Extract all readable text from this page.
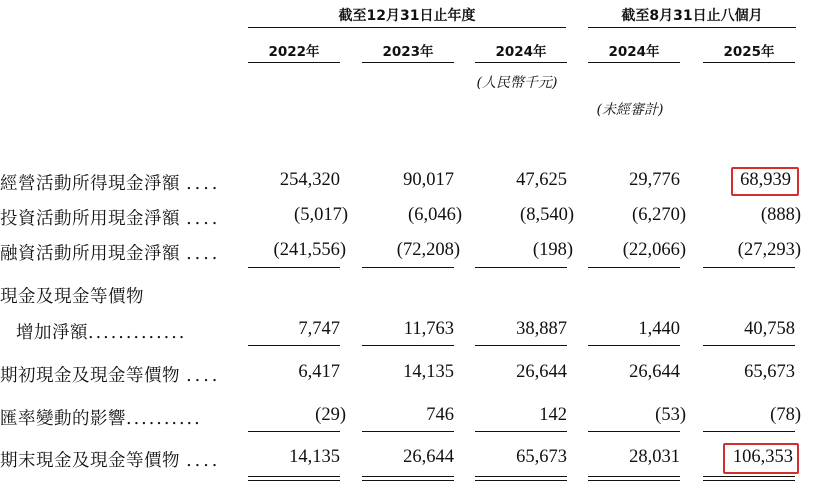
截至12月31日止年度	截至8月31日止八個月
2022年	2023年	2024年	2024年	2025年
(人民幣千元)
(未經審計)
經營活動所得現金淨額 ....	254,320	90,017	47,625	29,776	68,939
投資活動所用現金淨額 ....	(5,017)	(6,046)	(8,540)	(6,270)	(888)
融資活動所用現金淨額 ....	(241,556)	(72,208)	(198)	(22,066)	(27,293)
現金及現金等價物
增加淨額.............	7,747	11,763	38,887	1,440	40,758
期初現金及現金等價物 ....	6,417	14,135	26,644	26,644	65,673
匯率變動的影響..........	(29)	746	142	(53)	(78)
期末現金及現金等價物 ....	14,135	26,644	65,673	28,031	106,353
